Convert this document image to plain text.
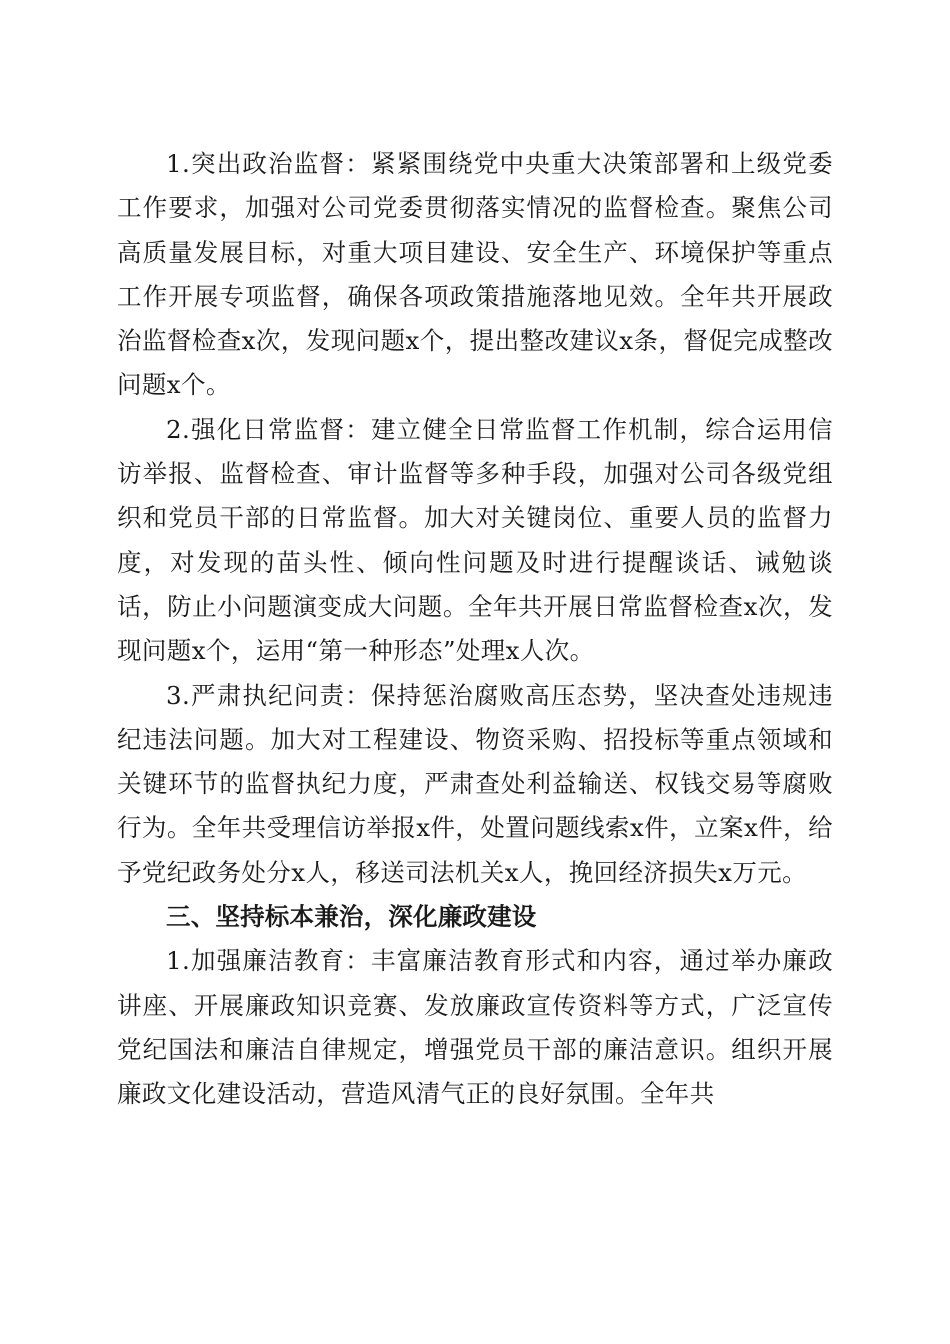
1.突出政治监督：紧紧围绕党中央重大决策部署和上级党委工作要求，加强对公司党委贯彻落实情况的监督检查。聚焦公司高质量发展目标，对重大项目建设、安全生产、环境保护等重点工作开展专项监督，确保各项政策措施落地见效。全年共开展政治监督检查x次，发现问题x个，提出整改建议x条，督促完成整改问题x个。

2.强化日常监督：建立健全日常监督工作机制，综合运用信访举报、监督检查、审计监督等多种手段，加强对公司各级党组织和党员干部的日常监督。加大对关键岗位、重要人员的监督力度，对发现的苗头性、倾向性问题及时进行提醒谈话、诫勉谈话，防止小问题演变成大问题。全年共开展日常监督检查x次，发现问题x个，运用“第一种形态”处理x人次。

3.严肃执纪问责：保持惩治腐败高压态势，坚决查处违规违纪违法问题。加大对工程建设、物资采购、招投标等重点领域和关键环节的监督执纪力度，严肃查处利益输送、权钱交易等腐败行为。全年共受理信访举报x件，处置问题线索x件，立案x件，给予党纪政务处分x人，移送司法机关x人，挽回经济损失x万元。

三、坚持标本兼治，深化廉政建设

1.加强廉洁教育：丰富廉洁教育形式和内容，通过举办廉政讲座、开展廉政知识竞赛、发放廉政宣传资料等方式，广泛宣传党纪国法和廉洁自律规定，增强党员干部的廉洁意识。组织开展廉政文化建设活动，营造风清气正的良好氛围。全年共
